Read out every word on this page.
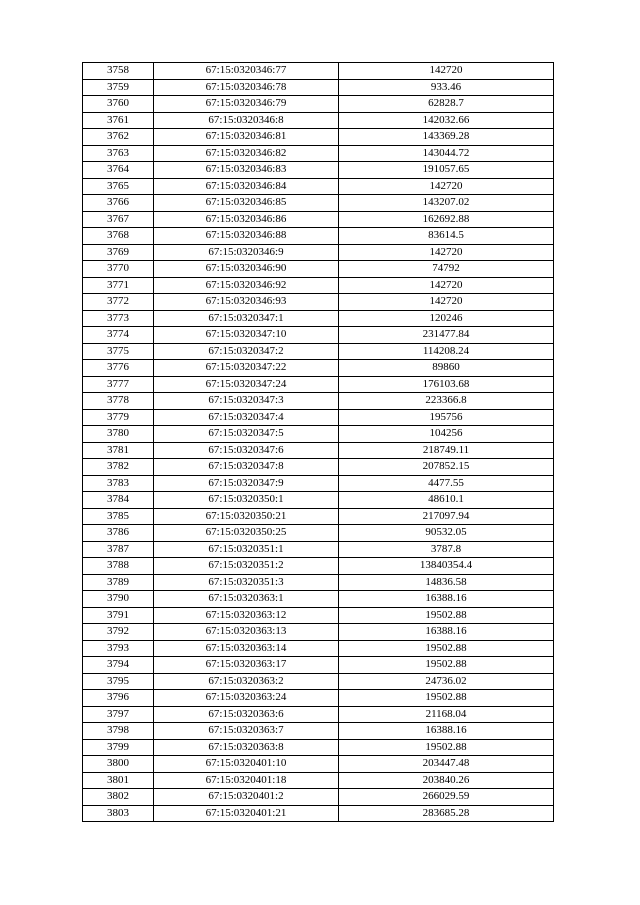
3758	67:15:0320346:77	142720
3759	67:15:0320346:78	933.46
3760	67:15:0320346:79	62828.7
3761	67:15:0320346:8	142032.66
3762	67:15:0320346:81	143369.28
3763	67:15:0320346:82	143044.72
3764	67:15:0320346:83	191057.65
3765	67:15:0320346:84	142720
3766	67:15:0320346:85	143207.02
3767	67:15:0320346:86	162692.88
3768	67:15:0320346:88	83614.5
3769	67:15:0320346:9	142720
3770	67:15:0320346:90	74792
3771	67:15:0320346:92	142720
3772	67:15:0320346:93	142720
3773	67:15:0320347:1	120246
3774	67:15:0320347:10	231477.84
3775	67:15:0320347:2	114208.24
3776	67:15:0320347:22	89860
3777	67:15:0320347:24	176103.68
3778	67:15:0320347:3	223366.8
3779	67:15:0320347:4	195756
3780	67:15:0320347:5	104256
3781	67:15:0320347:6	218749.11
3782	67:15:0320347:8	207852.15
3783	67:15:0320347:9	4477.55
3784	67:15:0320350:1	48610.1
3785	67:15:0320350:21	217097.94
3786	67:15:0320350:25	90532.05
3787	67:15:0320351:1	3787.8
3788	67:15:0320351:2	13840354.4
3789	67:15:0320351:3	14836.58
3790	67:15:0320363:1	16388.16
3791	67:15:0320363:12	19502.88
3792	67:15:0320363:13	16388.16
3793	67:15:0320363:14	19502.88
3794	67:15:0320363:17	19502.88
3795	67:15:0320363:2	24736.02
3796	67:15:0320363:24	19502.88
3797	67:15:0320363:6	21168.04
3798	67:15:0320363:7	16388.16
3799	67:15:0320363:8	19502.88
3800	67:15:0320401:10	203447.48
3801	67:15:0320401:18	203840.26
3802	67:15:0320401:2	266029.59
3803	67:15:0320401:21	283685.28
